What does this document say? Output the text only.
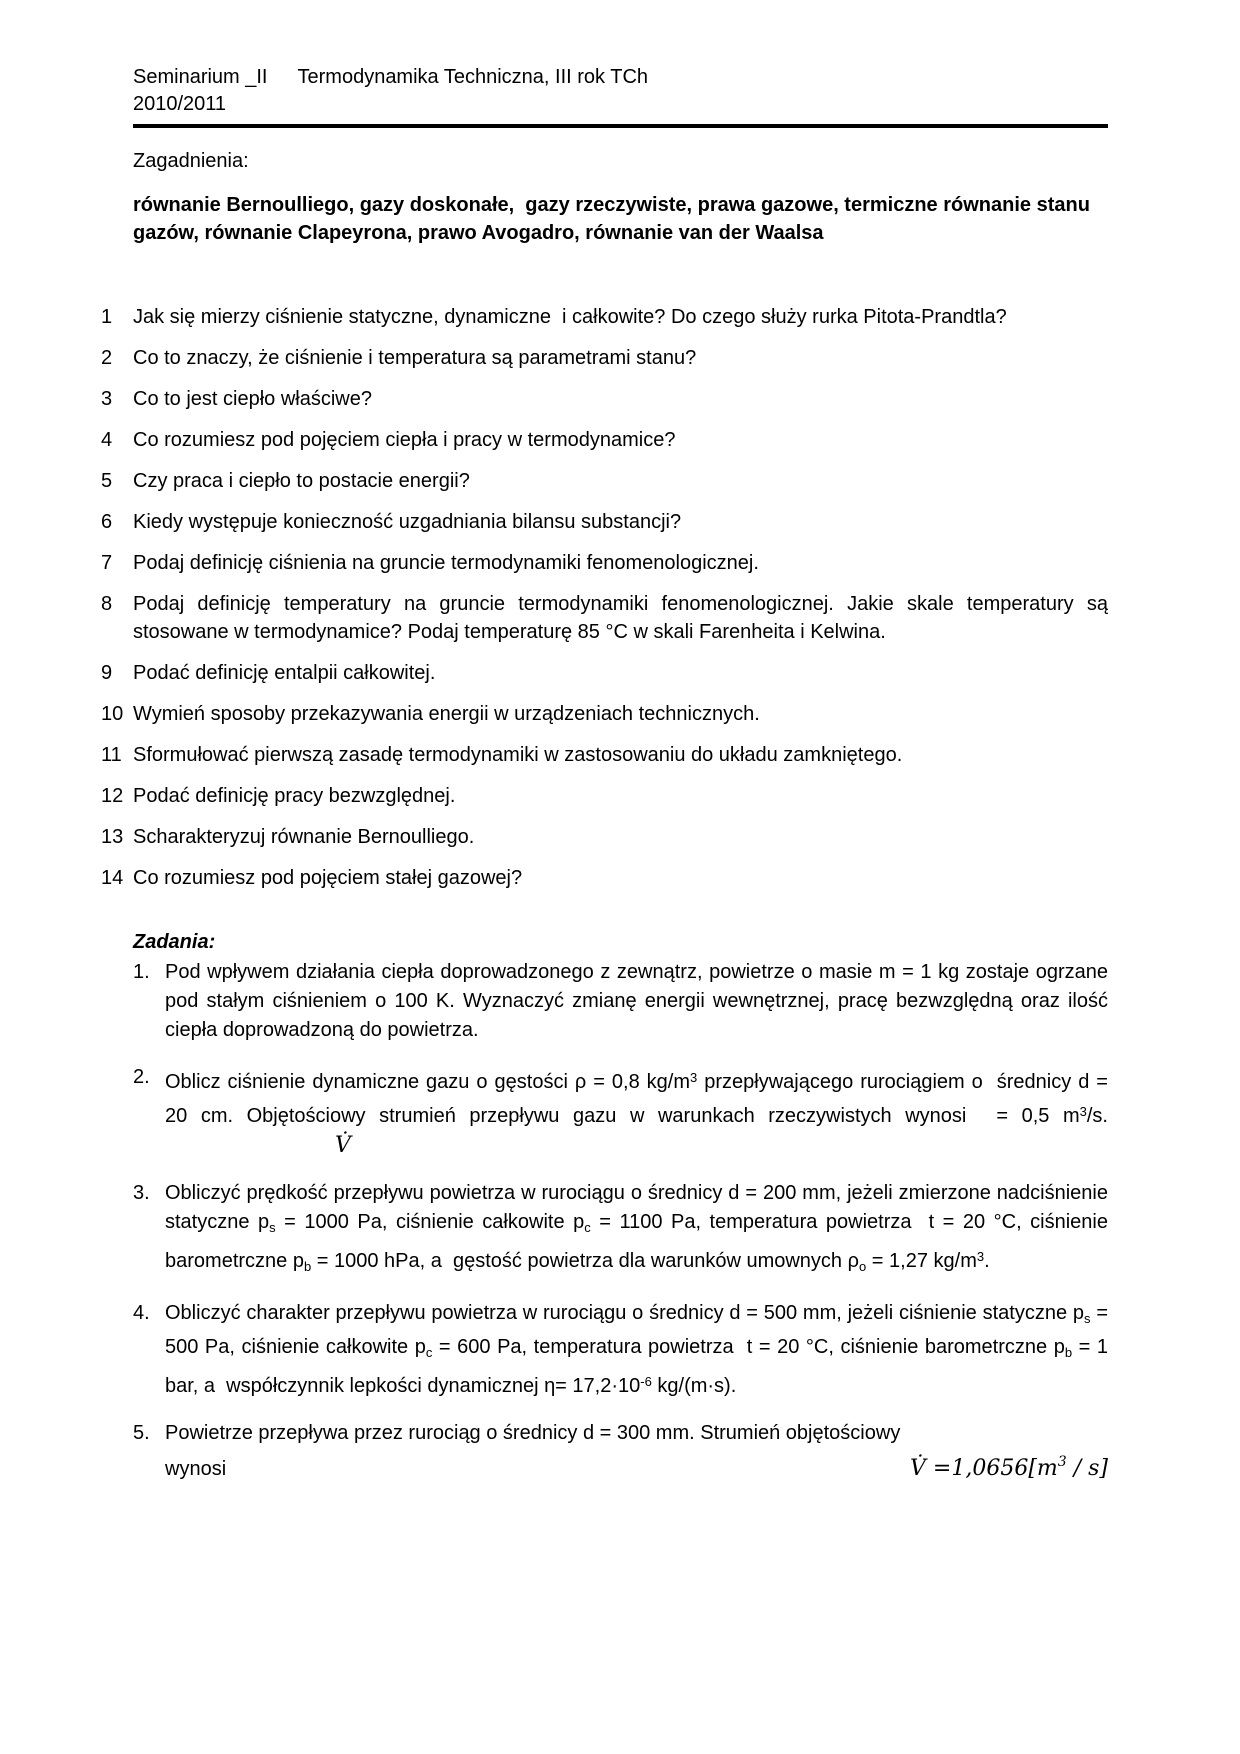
Seminarium _II Termodynamika Techniczna, III rok TCh
2010/2011
Zagadnienia:
równanie Bernoulliego, gazy doskonałe,  gazy rzeczywiste, prawa gazowe, termiczne równanie stanu gazów, równanie Clapeyrona, prawo Avogadro, równanie van der Waalsa
1	Jak się mierzy ciśnienie statyczne, dynamiczne  i całkowite? Do czego służy rurka Pitota-Prandtla?
2	Co to znaczy, że ciśnienie i temperatura są parametrami stanu?
3	Co to jest ciepło właściwe?
4	Co rozumiesz pod pojęciem ciepła i pracy w termodynamice?
5	Czy praca i ciepło to postacie energii?
6	Kiedy występuje konieczność uzgadniania bilansu substancji?
7	Podaj definicję ciśnienia na gruncie termodynamiki fenomenologicznej.
8	Podaj definicję temperatury na gruncie termodynamiki fenomenologicznej. Jakie skale temperatury są stosowane w termodynamice? Podaj temperaturę 85 °C w skali Farenheita i Kelwina.
9	Podać definicję entalpii całkowitej.
10 Wymień sposoby przekazywania energii w urządzeniach technicznych.
11 Sformułować pierwszą zasadę termodynamiki w zastosowaniu do układu zamkniętego.
12 Podać definicję pracy bezwzględnej.
13 Scharakteryzuj równanie Bernoulliego.
14 Co rozumiesz pod pojęciem stałej gazowej?
Zadania:
1. Pod wpływem działania ciepła doprowadzonego z zewnątrz, powietrze o masie m = 1 kg zostaje ogrzane pod stałym ciśnieniem o 100 K. Wyznaczyć zmianę energii wewnętrznej, pracę bezwzględną oraz ilość ciepła doprowadzoną do powietrza.
2. Oblicz ciśnienie dynamiczne gazu o gęstości ρ = 0,8 $kg/m^3$ przepływającego rurociągiem o  średnicy d = 20 cm. Objętościowy strumień przepływu gazu w warunkach rzeczywistych wynosi = 0,5 $m^3/s.V̇$
3. Obliczyć prędkość przepływu powietrza w rurociągu o średnicy d = 200 mm, jeżeli zmierzone nadciśnienie statyczne $p_s = 1000$ Pa, ciśnienie całkowite $p_c = 1100$ Pa, temperatura powietrza  t = 20 °C, ciśnienie barometrczne $p_b = 1000$ hPa, a  gęstość powietrza dla warunków umownych $\rho_o = 1,27$ $kg/m^3$.
4. Obliczyć charakter przepływu powietrza w rurociągu o średnicy d = 500 mm, jeżeli ciśnienie statyczne $p_s = 500$ Pa, ciśnienie całkowite $p_c = 600$ Pa, temperatura powietrza  t = 20 °C, ciśnienie barometrczne $p_b = 1$ bar, a  współczynnik lepkości dynamicznej $\eta= 17,2\cdot 10^{-6}$ kg/(m·s).
5. Powietrze przepływa przez rurociąg o średnicy d = 300 mm. Strumień objętościowy
wynosi	V̇ $=1,0656[m^3 / s]$
